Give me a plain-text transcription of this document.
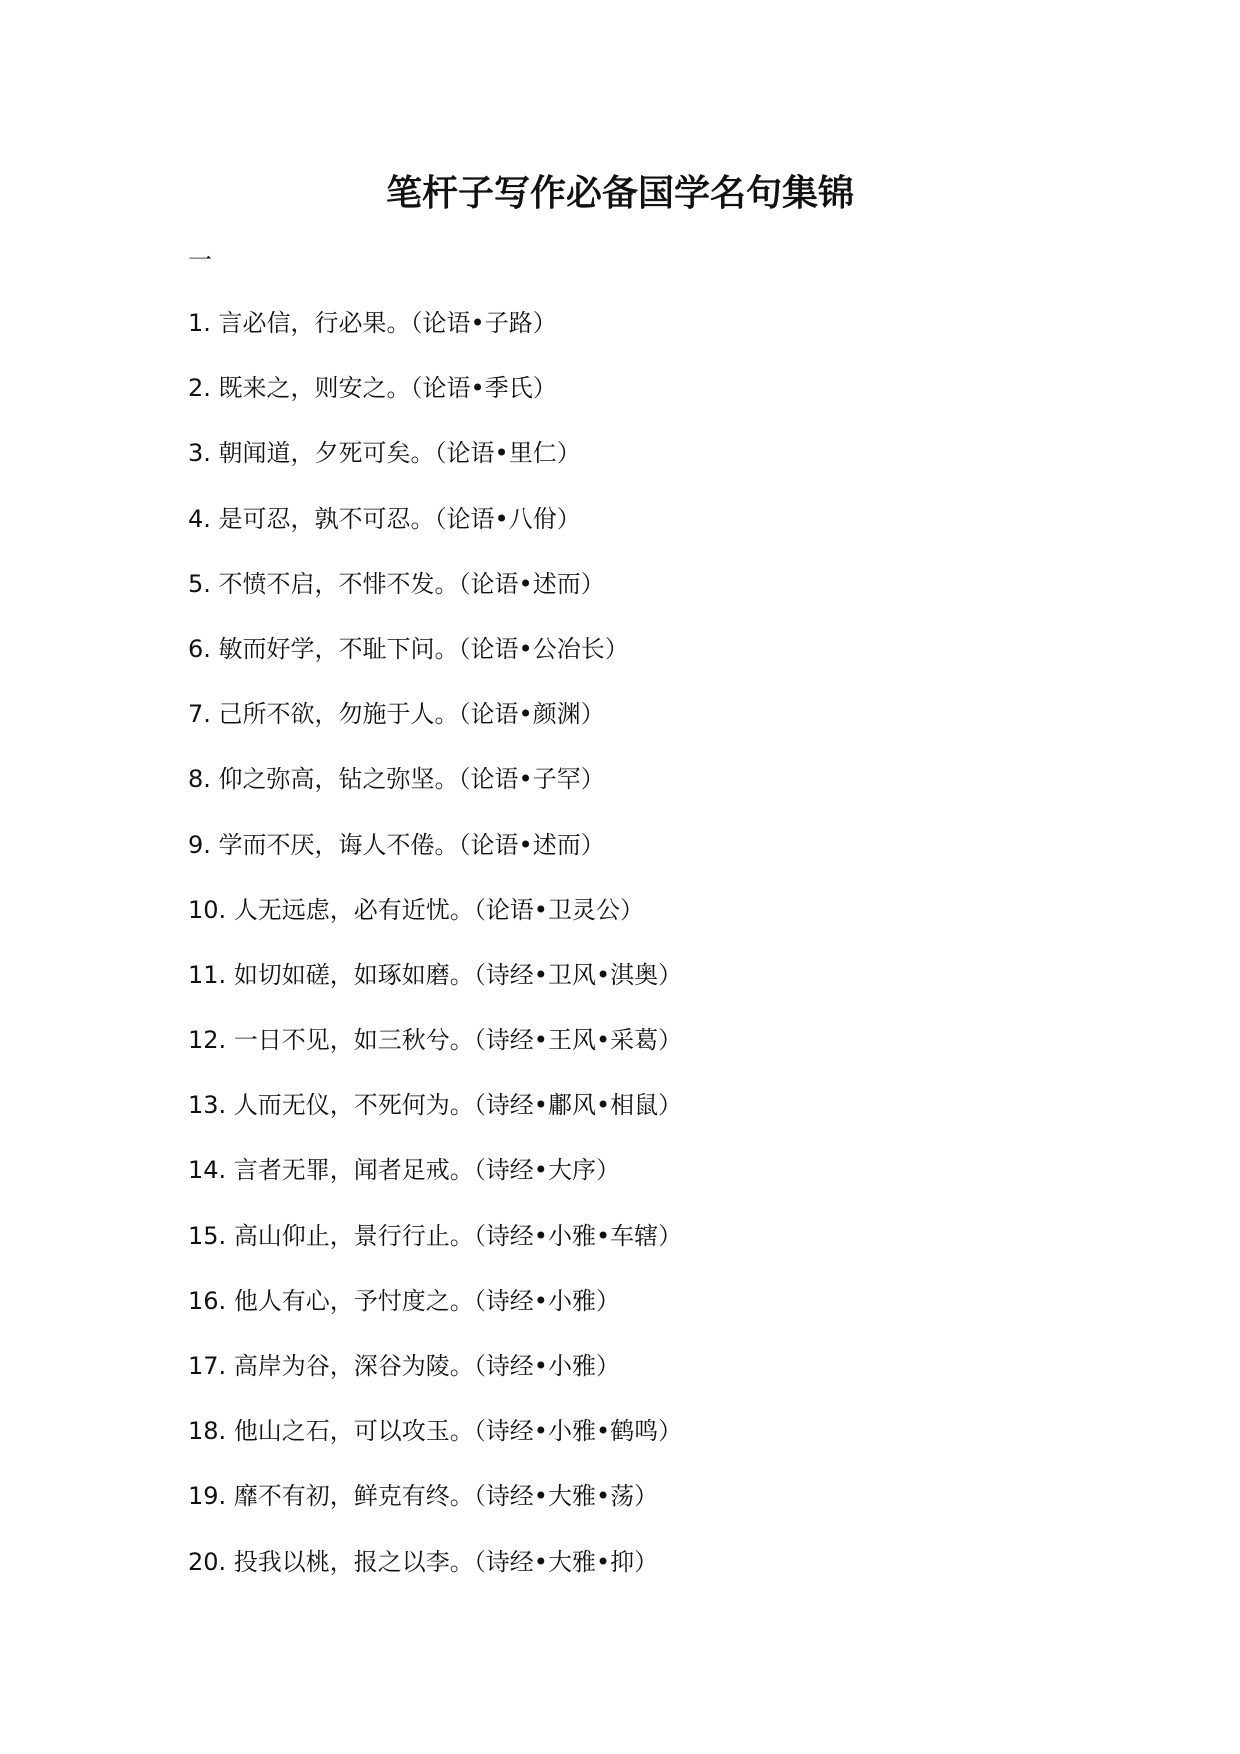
笔杆子写作必备国学名句集锦
一
1. 言必信，行必果。（论语•子路）
2. 既来之，则安之。（论语•季氏）
3. 朝闻道，夕死可矣。（论语•里仁）
4. 是可忍，孰不可忍。（论语•八佾）
5. 不愤不启，不悱不发。（论语•述而）
6. 敏而好学，不耻下问。（论语•公冶长）
7. 己所不欲，勿施于人。（论语•颜渊）
8. 仰之弥高，钻之弥坚。（论语•子罕）
9. 学而不厌，诲人不倦。（论语•述而）
10. 人无远虑，必有近忧。（论语•卫灵公）
11. 如切如磋，如琢如磨。（诗经•卫风•淇奥）
12. 一日不见，如三秋兮。（诗经•王风•采葛）
13. 人而无仪，不死何为。（诗经•鄘风•相鼠）
14. 言者无罪，闻者足戒。（诗经•大序）
15. 高山仰止，景行行止。（诗经•小雅•车辖）
16. 他人有心，予忖度之。（诗经•小雅）
17. 高岸为谷，深谷为陵。（诗经•小雅）
18. 他山之石，可以攻玉。（诗经•小雅•鹤鸣）
19. 靡不有初，鲜克有终。（诗经•大雅•荡）
20. 投我以桃，报之以李。（诗经•大雅•抑）
